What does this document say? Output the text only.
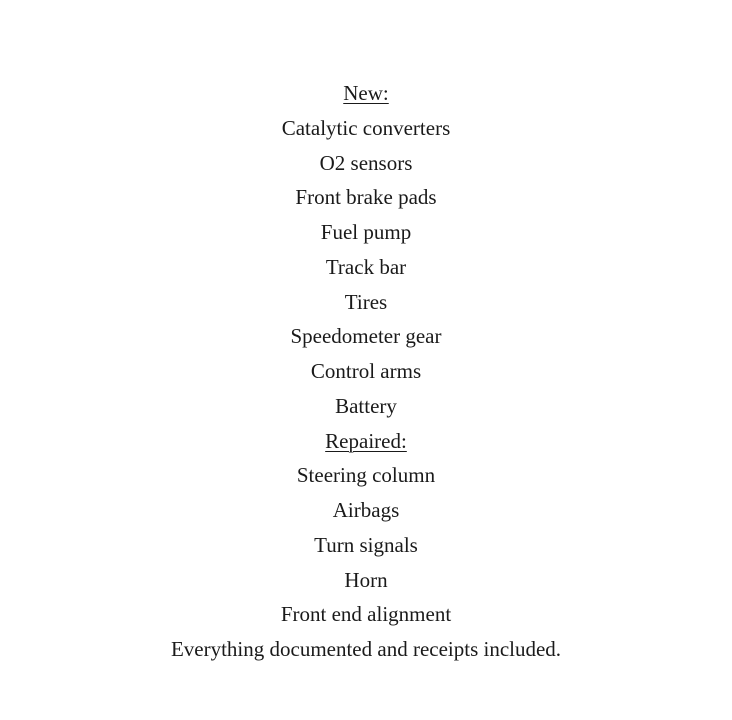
New:
Catalytic converters
O2 sensors
Front brake pads
Fuel pump
Track bar
Tires
Speedometer gear
Control arms
Battery
Repaired:
Steering column
Airbags
Turn signals
Horn
Front end alignment
Everything documented and receipts included.
